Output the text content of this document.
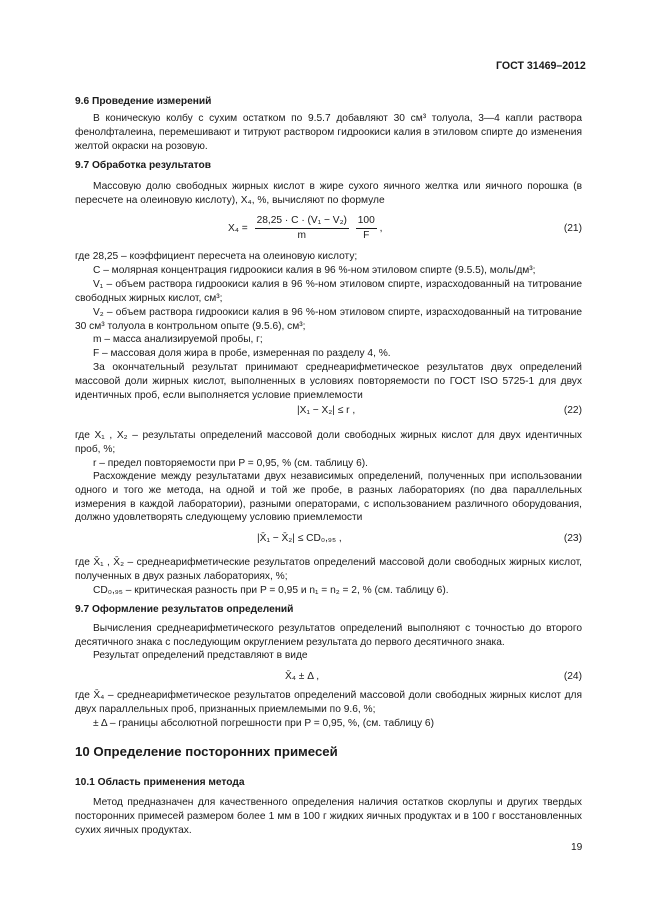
ГОСТ 31469–2012
9.6 Проведение измерений
В коническую колбу с сухим остатком по 9.5.7 добавляют 30 см³ толуола, 3—4 капли раствора фенолфталеина, перемешивают и титруют раствором гидроокиси калия в этиловом спирте до изменения желтой окраски на розовую.
9.7 Обработка результатов
Массовую долю свободных жирных кислот в жире сухого яичного желтка или яичного порошка (в пересчете на олеиновую кислоту), X₄, %, вычисляют по формуле
$X_4 = \frac{\text{28,25 · C · (V₁ − V₂)}}{m}$
$\frac{100}{F}$ ,	(21)
где 28,25 – коэффициент пересчета на олеиновую кислоту;
C – молярная концентрация гидроокиси калия в 96 %-ном этиловом спирте (9.5.5), моль/дм³;
V₁ – объем раствора гидроокиси калия в 96 %-ном этиловом спирте, израсходованный на титрование свободных жирных кислот, см³;
V₂ – объем раствора гидроокиси калия в 96 %-ном этиловом спирте, израсходованный на титрование 30 см³ толуола в контрольном опыте (9.5.6), см³;
m – масса анализируемой пробы, г;
F – массовая доля жира в пробе, измеренная по разделу 4, %.
За окончательный результат принимают среднеарифметическое результатов двух определений массовой доли жирных кислот, выполненных в условиях повторяемости по ГОСТ ISO 5725-1 для двух идентичных проб, если выполняется условие приемлемости
|X₁ − X₂| ≤ r ,	(22)
где X₁ , X₂ – результаты определений массовой доли свободных жирных кислот для двух идентичных проб, %;
r – предел повторяемости при P = 0,95, % (см. таблицу 6).
Расхождение между результатами двух независимых определений, полученных при использовании одного и того же метода, на одной и той же пробе, в разных лабораториях (по два параллельных измерения в каждой лаборатории), разными операторами, с использованием различного оборудования, должно удовлетворять следующему условию приемлемости
|X̄₁ − X̄₂| ≤ CD₀,₉₅ ,	(23)
где X̄₁ , X̄₂ – среднеарифметические результатов определений массовой доли свободных жирных кислот, полученных в двух разных лабораториях, %;
CD₀,₉₅ – критическая разность при P = 0,95 и n₁ = n₂ = 2, % (см. таблицу 6).
9.7 Оформление результатов определений
Вычисления среднеарифметического результатов определений выполняют с точностью до второго десятичного знака с последующим округлением результата до первого десятичного знака.
Результат определений представляют в виде
X̄₄ ± Δ ,	(24)
где X̄₄ – среднеарифметическое результатов определений массовой доли свободных жирных кислот для двух параллельных проб, признанных приемлемыми по 9.6, %;
± Δ – границы абсолютной погрешности при P = 0,95, %, (см. таблицу 6)
10 Определение посторонних примесей
10.1 Область применения метода
Метод предназначен для качественного определения наличия остатков скорлупы и других твердых посторонних примесей размером более 1 мм в 100 г жидких яичных продуктах и в 100 г восстановленных сухих яичных продуктах.
19
